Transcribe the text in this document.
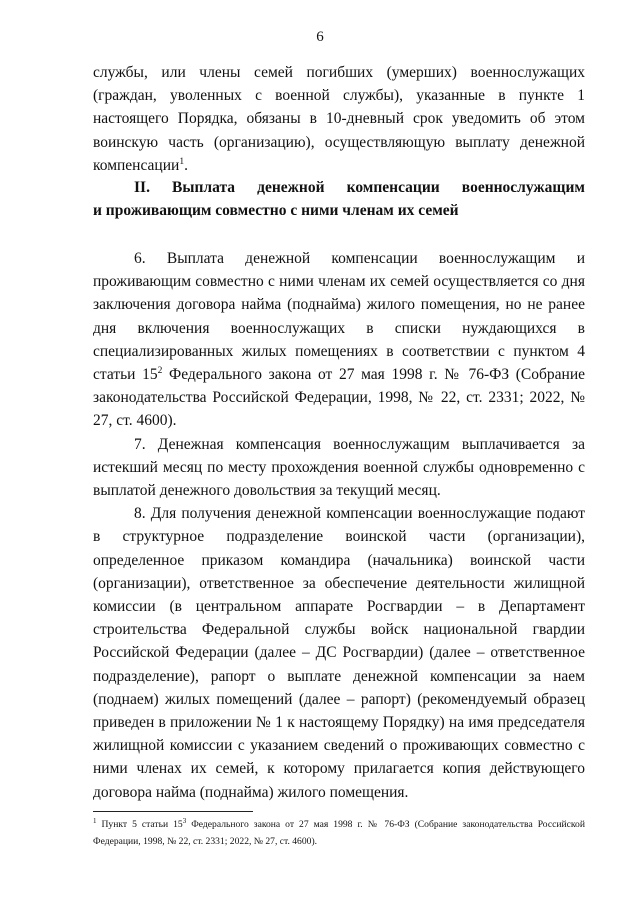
6

службы, или члены семей погибших (умерших) военнослужащих (граждан, уволенных с военной службы), указанные в пункте 1 настоящего Порядка, обязаны в 10-дневный срок уведомить об этом воинскую часть (организацию), осуществляющую выплату денежной компенсации$^1$.

II. Выплата денежной компенсации военнослужащим
и проживающим совместно с ними членам их семей

6. Выплата денежной компенсации военнослужащим и проживающим совместно с ними членам их семей осуществляется со дня заключения договора найма (поднайма) жилого помещения, но не ранее дня включения военнослужащих в списки нуждающихся в специализированных жилых помещениях в соответствии с пунктом 4 статьи $15^2$ Федерального закона от 27 мая 1998 г. № 76-ФЗ (Собрание законодательства Российской Федерации, 1998, № 22, ст. 2331; 2022, № 27, ст. 4600).

7. Денежная компенсация военнослужащим выплачивается за истекший месяц по месту прохождения военной службы одновременно с выплатой денежного довольствия за текущий месяц.

8. Для получения денежной компенсации военнослужащие подают в структурное подразделение воинской части (организации), определенное приказом командира (начальника) воинской части (организации), ответственное за обеспечение деятельности жилищной комиссии (в центральном аппарате Росгвардии – в Департамент строительства Федеральной службы войск национальной гвардии Российской Федерации (далее – ДС Росгвардии) (далее – ответственное подразделение), рапорт о выплате денежной компенсации за наем (поднаем) жилых помещений (далее – рапорт) (рекомендуемый образец приведен в приложении № 1 к настоящему Порядку) на имя председателя жилищной комиссии с указанием сведений о проживающих совместно с ними членах их семей, к которому прилагается копия действующего договора найма (поднайма) жилого помещения.

$^1$ Пункт 5 статьи $15^3$ Федерального закона от 27 мая 1998 г. № 76-ФЗ (Собрание законодательства Российской Федерации, 1998, № 22, ст. 2331; 2022, № 27, ст. 4600).
